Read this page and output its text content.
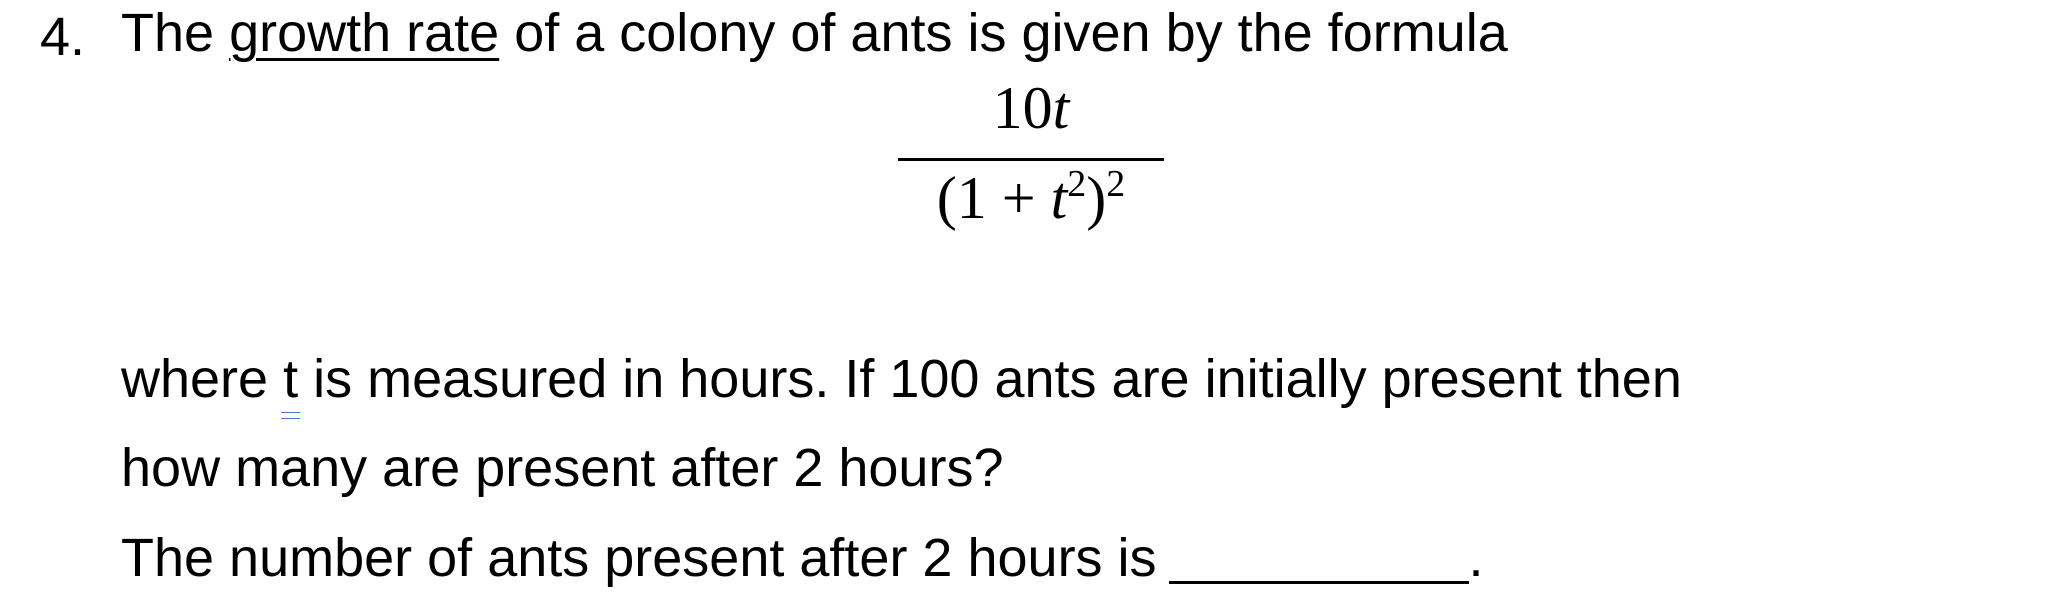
4. The growth rate of a colony of ants is given by the formula
10t
$(1 + t^2)^2$
where t is measured in hours. If 100 ants are initially present then
how many are present after 2 hours?
The number of ants present after 2 hours is	.
